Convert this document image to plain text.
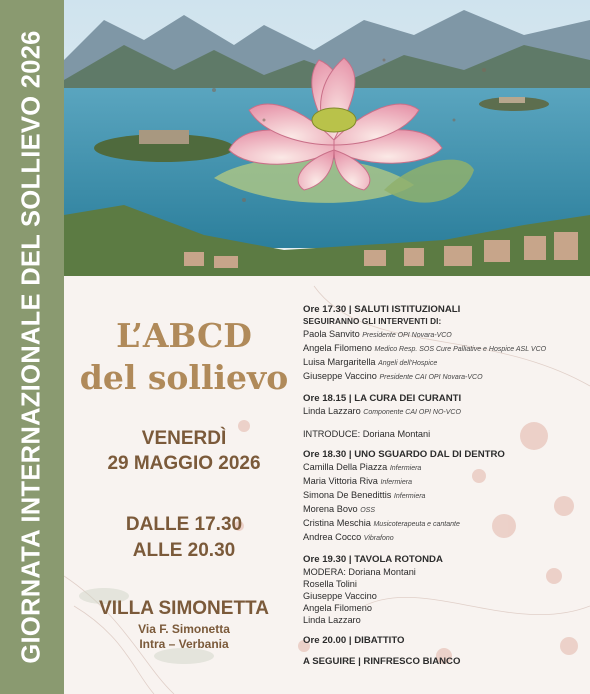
GIORNATA INTERNAZIONALE DEL SOLLIEVO 2026	L’ABCD
del sollievo
VENERDÌ
29 MAGGIO 2026
DALLE 17.30
ALLE 20.30
VILLA SIMONETTA
Via F. Simonetta
Intra – Verbania
Ore 17.30 | SALUTI ISTITUZIONALI
SEGUIRANNO GLI INTERVENTI DI:
Paola Sanvito Presidente OPI Novara-VCO
Angela Filomeno Medico Resp. SOS Cure Palliative e Hospice ASL VCO
Luisa Margaritella Angeli dell’Hospice
Giuseppe Vaccino Presidente CAI OPI Novara-VCO
Ore 18.15 | LA CURA DEI CURANTI
Linda Lazzaro Componente CAI OPI NO-VCO
INTRODUCE: Doriana Montani
Ore 18.30 | UNO SGUARDO DAL DI DENTRO
Camilla Della Piazza Infermiera
Maria Vittoria Riva Infermiera
Simona De Benedittis Infermiera
Morena Bovo OSS
Cristina Meschia Musicoterapeuta e cantante
Andrea Cocco Vibrafono
Ore 19.30 | TAVOLA ROTONDA
MODERA: Doriana Montani
Rosella Tolini
Giuseppe Vaccino
Angela Filomeno
Linda Lazzaro
Ore 20.00 | DIBATTITO
A SEGUIRE | RINFRESCO BIANCO
